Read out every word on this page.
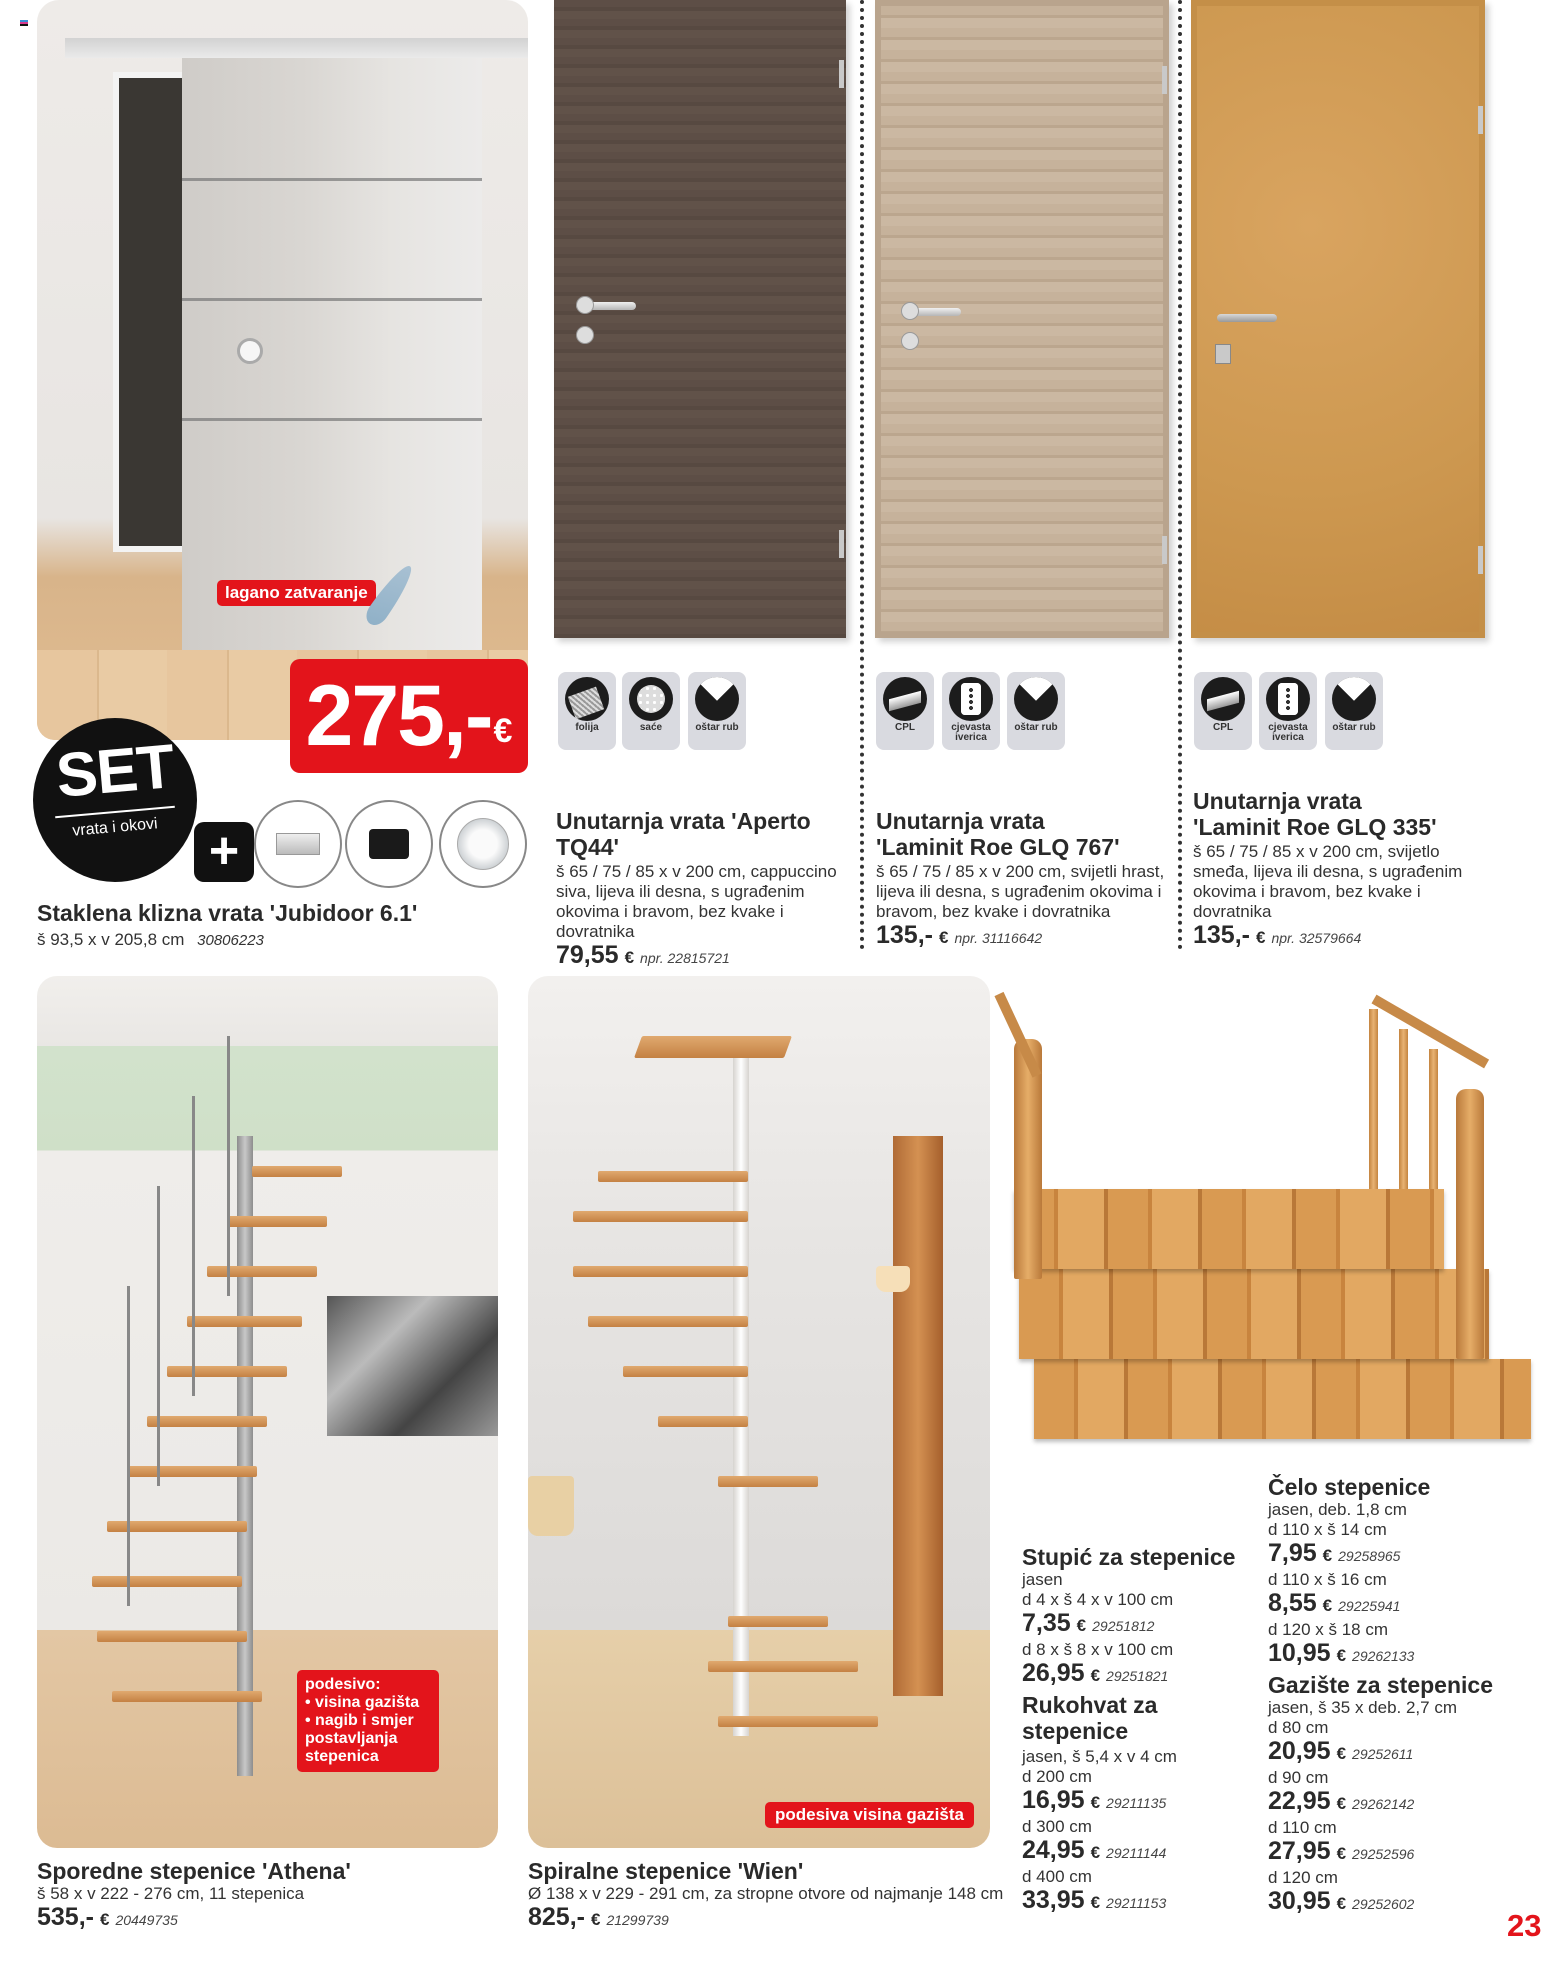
lagano zatvaranje
275,- €
SET
vrata i okovi +
Staklena klizna vrata 'Jubidoor 6.1'
š 93,5 x v 205,8 cm 30806223
folija	saće	oštar rub	CPL	cjevasta iverica
oštar rub	CPL	cjevasta iverica
oštar rub
Unutarnja vrata 'Aperto
TQ44'
š 65 / 75 / 85 x v 200 cm, cappuccino siva, lijeva ili desna, s ugrađenim okovima i bravom, bez kvake i dovratnika
79,55 € npr. 22815721
Unutarnja vrata
'Laminit Roe GLQ 767'
š 65 / 75 / 85 x v 200 cm, svijetli hrast, lijeva ili desna, s ugrađenim okovima i bravom, bez kvake i dovratnika
135,- € npr. 31116642
Unutarnja vrata
'Laminit Roe GLQ 335'
š 65 / 75 / 85 x v 200 cm, svijetlo smeđa, lijeva ili desna, s ugrađenim okovima i bravom, bez kvake i dovratnika
135,- € npr. 32579664
podesivo:
• visina gazišta
• nagib i smjer postavljanja stepenica
podesiva visina gazišta
Sporedne stepenice 'Athena'
š 58 x v 222 - 276 cm, 11 stepenica
535,- € 20449735
Spiralne stepenice 'Wien'
Ø 138 x v 229 - 291 cm, za stropne otvore od najmanje 148 cm
825,- € 21299739
Stupić za stepenice
jasen
d 4 x š 4 x v 100 cm
7,35 € 29251812
d 8 x š 8 x v 100 cm
26,95 € 29251821
Rukohvat za
stepenice
jasen, š 5,4 x v 4 cm
d 200 cm
16,95 € 29211135
d 300 cm
24,95 € 29211144
d 400 cm
33,95 € 29211153
Čelo stepenice
jasen, deb. 1,8 cm
d 110 x š 14 cm
7,95 € 29258965
d 110 x š 16 cm
8,55 € 29225941
d 120 x š 18 cm
10,95 € 29262133
Gazište za stepenice
jasen, š 35 x deb. 2,7 cm
d 80 cm
20,95 € 29252611
d 90 cm
22,95 € 29262142
d 110 cm
27,95 € 29252596
d 120 cm
30,95 € 29252602
23
